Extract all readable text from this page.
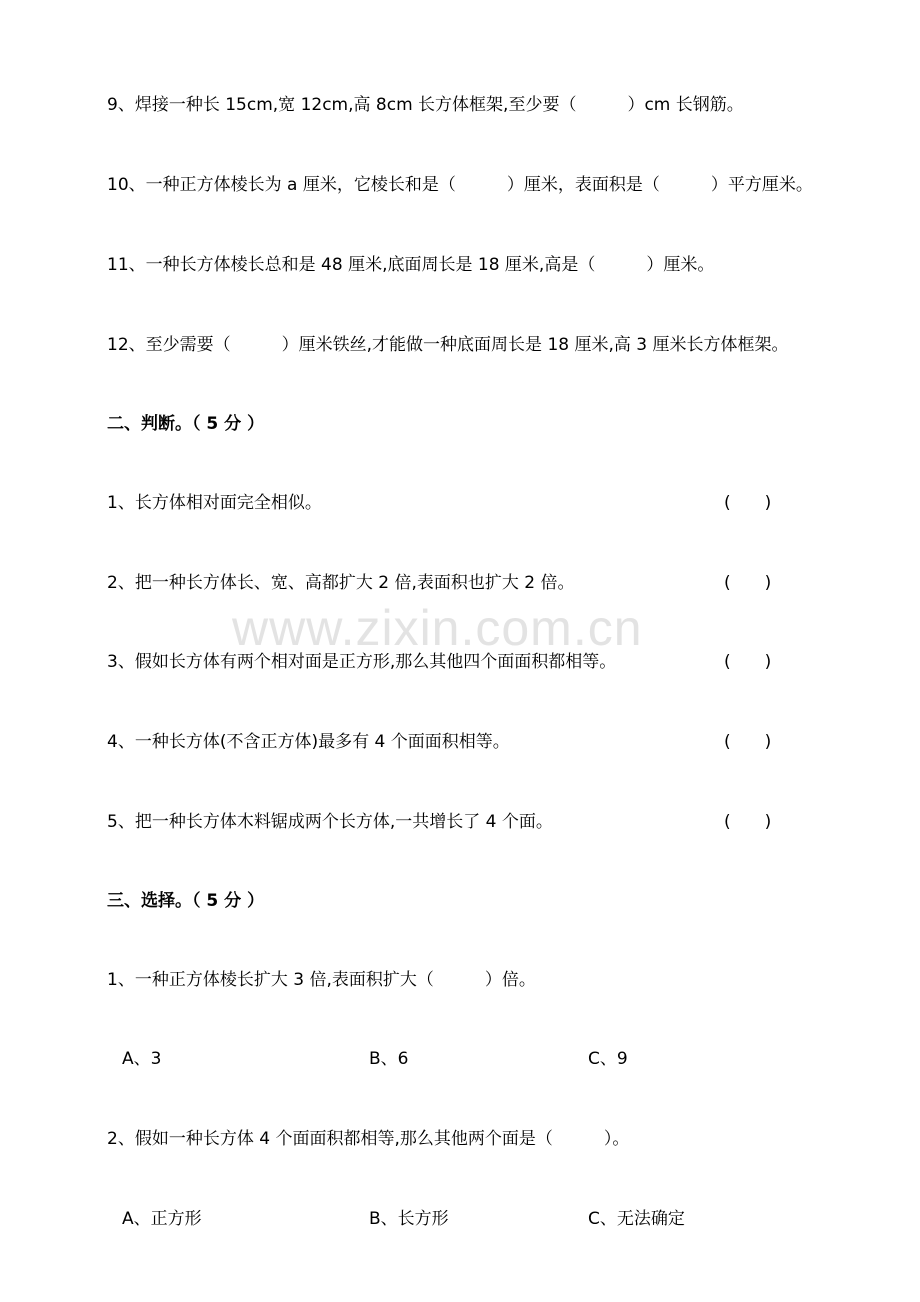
www.zixin.com.cn
9、焊接一种长 15cm,宽 12cm,高 8cm 长方体框架,至少要（　　　）cm 长钢筋。
10、一种正方体棱长为 a 厘米，它棱长和是（　　　）厘米，表面积是（　　　）平方厘米。
11、一种长方体棱长总和是 48 厘米,底面周长是 18 厘米,高是（　　　）厘米。
12、至少需要（　　　）厘米铁丝,才能做一种底面周长是 18 厘米,高 3 厘米长方体框架。
二、判断。（ 5 分 ）
1、长方体相对面完全相似。	(　　)
2、把一种长方体长、宽、高都扩大 2 倍,表面积也扩大 2 倍。	(　　)
3、假如长方体有两个相对面是正方形,那么其他四个面面积都相等。	(　　)
4、一种长方体(不含正方体)最多有 4 个面面积相等。	(　　)
5、把一种长方体木料锯成两个长方体,一共增长了 4 个面。	(　　)
三、选择。（ 5 分 ）
1、一种正方体棱长扩大 3 倍,表面积扩大（　　　）倍。
A、3	B、6	C、9
2、假如一种长方体 4 个面面积都相等,那么其他两个面是（　　　）。
A、正方形	B、长方形	C、无法确定
